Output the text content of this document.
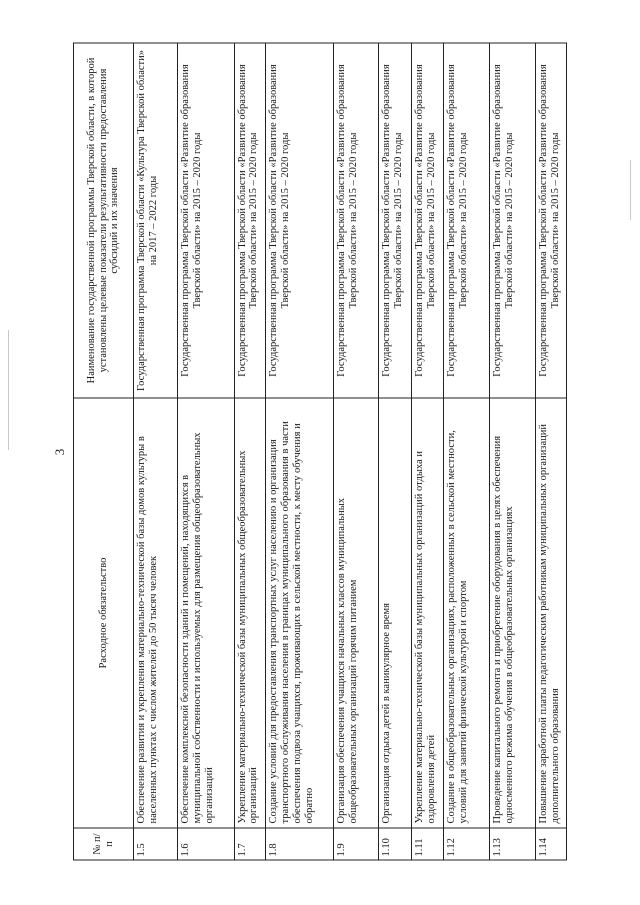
3
№ п/п	Расходное обязательство	Наименование государственной программы Тверской области, в которой установлены целевые показатели результативности предоставления субсидий и их значения
1.5	Обеспечение развития и укрепления материально-технической базы домов культуры в населенных пунктах с числом жителей до 50 тысяч человек	Государственная программа Тверской области «Культура Тверской области» на 2017 – 2022 годы
1.6	Обеспечение комплексной безопасности зданий и помещений, находящихся в муниципальной собственности и используемых для размещения общеобразовательных организаций	Государственная программа Тверской области «Развитие образования Тверской области» на 2015 – 2020 годы
1.7	Укрепление материально-технической базы муниципальных общеобразовательных организаций	Государственная программа Тверской области «Развитие образования Тверской области» на 2015 – 2020 годы
1.8	Создание условий для предоставления транспортных услуг населению и организация транспортного обслуживания населения в границах муниципального образования в части обеспечения подвоза учащихся, проживающих в сельской местности, к месту обучения и обратно	Государственная программа Тверской области «Развитие образования Тверской области» на 2015 – 2020 годы
1.9	Организация обеспечения учащихся начальных классов муниципальных общеобразовательных организаций горячим питанием	Государственная программа Тверской области «Развитие образования Тверской области» на 2015 – 2020 годы
1.10	Организация отдыха детей в каникулярное время	Государственная программа Тверской области «Развитие образования Тверской области» на 2015 – 2020 годы
1.11	Укрепление материально-технической базы муниципальных организаций отдыха и оздоровления детей	Государственная программа Тверской области «Развитие образования Тверской области» на 2015 – 2020 годы
1.12	Создание в общеобразовательных организациях, расположенных в сельской местности, условий для занятий физической культурой и спортом	Государственная программа Тверской области «Развитие образования Тверской области» на 2015 – 2020 годы
1.13	Проведение капитального ремонта и приобретение оборудования в целях обеспечения односменного режима обучения в общеобразовательных организациях	Государственная программа Тверской области «Развитие образования Тверской области» на 2015 – 2020 годы
1.14	Повышение заработной платы педагогическим работникам муниципальных организаций дополнительного образования	Государственная программа Тверской области «Развитие образования Тверской области» на 2015 – 2020 годы
